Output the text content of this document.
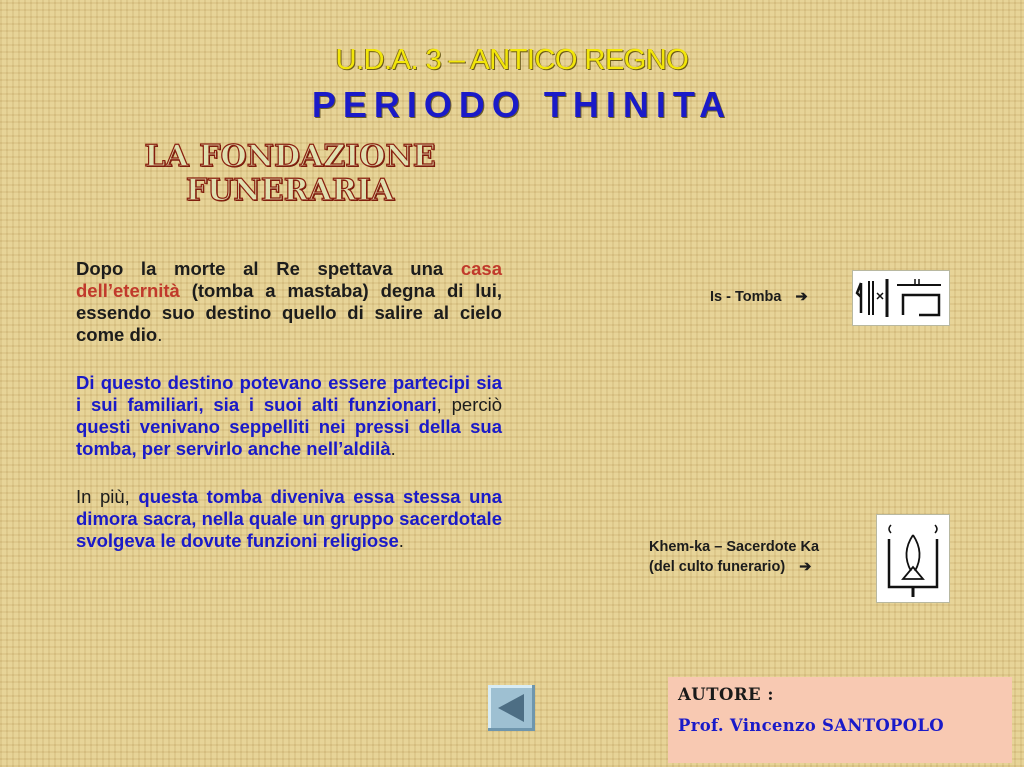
U.D.A. 3 – ANTICO REGNO
PERIODO THINITA
LA FONDAZIONE
FUNERARIA

Dopo la morte al Re spettava una casa dell’eternità (tomba a mastaba) degna di lui, essendo suo destino quello di salire al cielo come dio.

Di questo destino potevano essere partecipi sia i sui familiari, sia i suoi alti funzionari, perciò questi venivano seppelliti nei pressi della sua tomba, per servirlo anche nell’aldilà.

In più, questa tomba diveniva essa stessa una dimora sacra, nella quale un gruppo sacerdotale svolgeva le dovute funzioni religiose.

Is - Tomba ➔
Khem-ka – Sacerdote Ka
(del culto funerario) ➔
AUTORE :
Prof. Vincenzo SANTOPOLO
